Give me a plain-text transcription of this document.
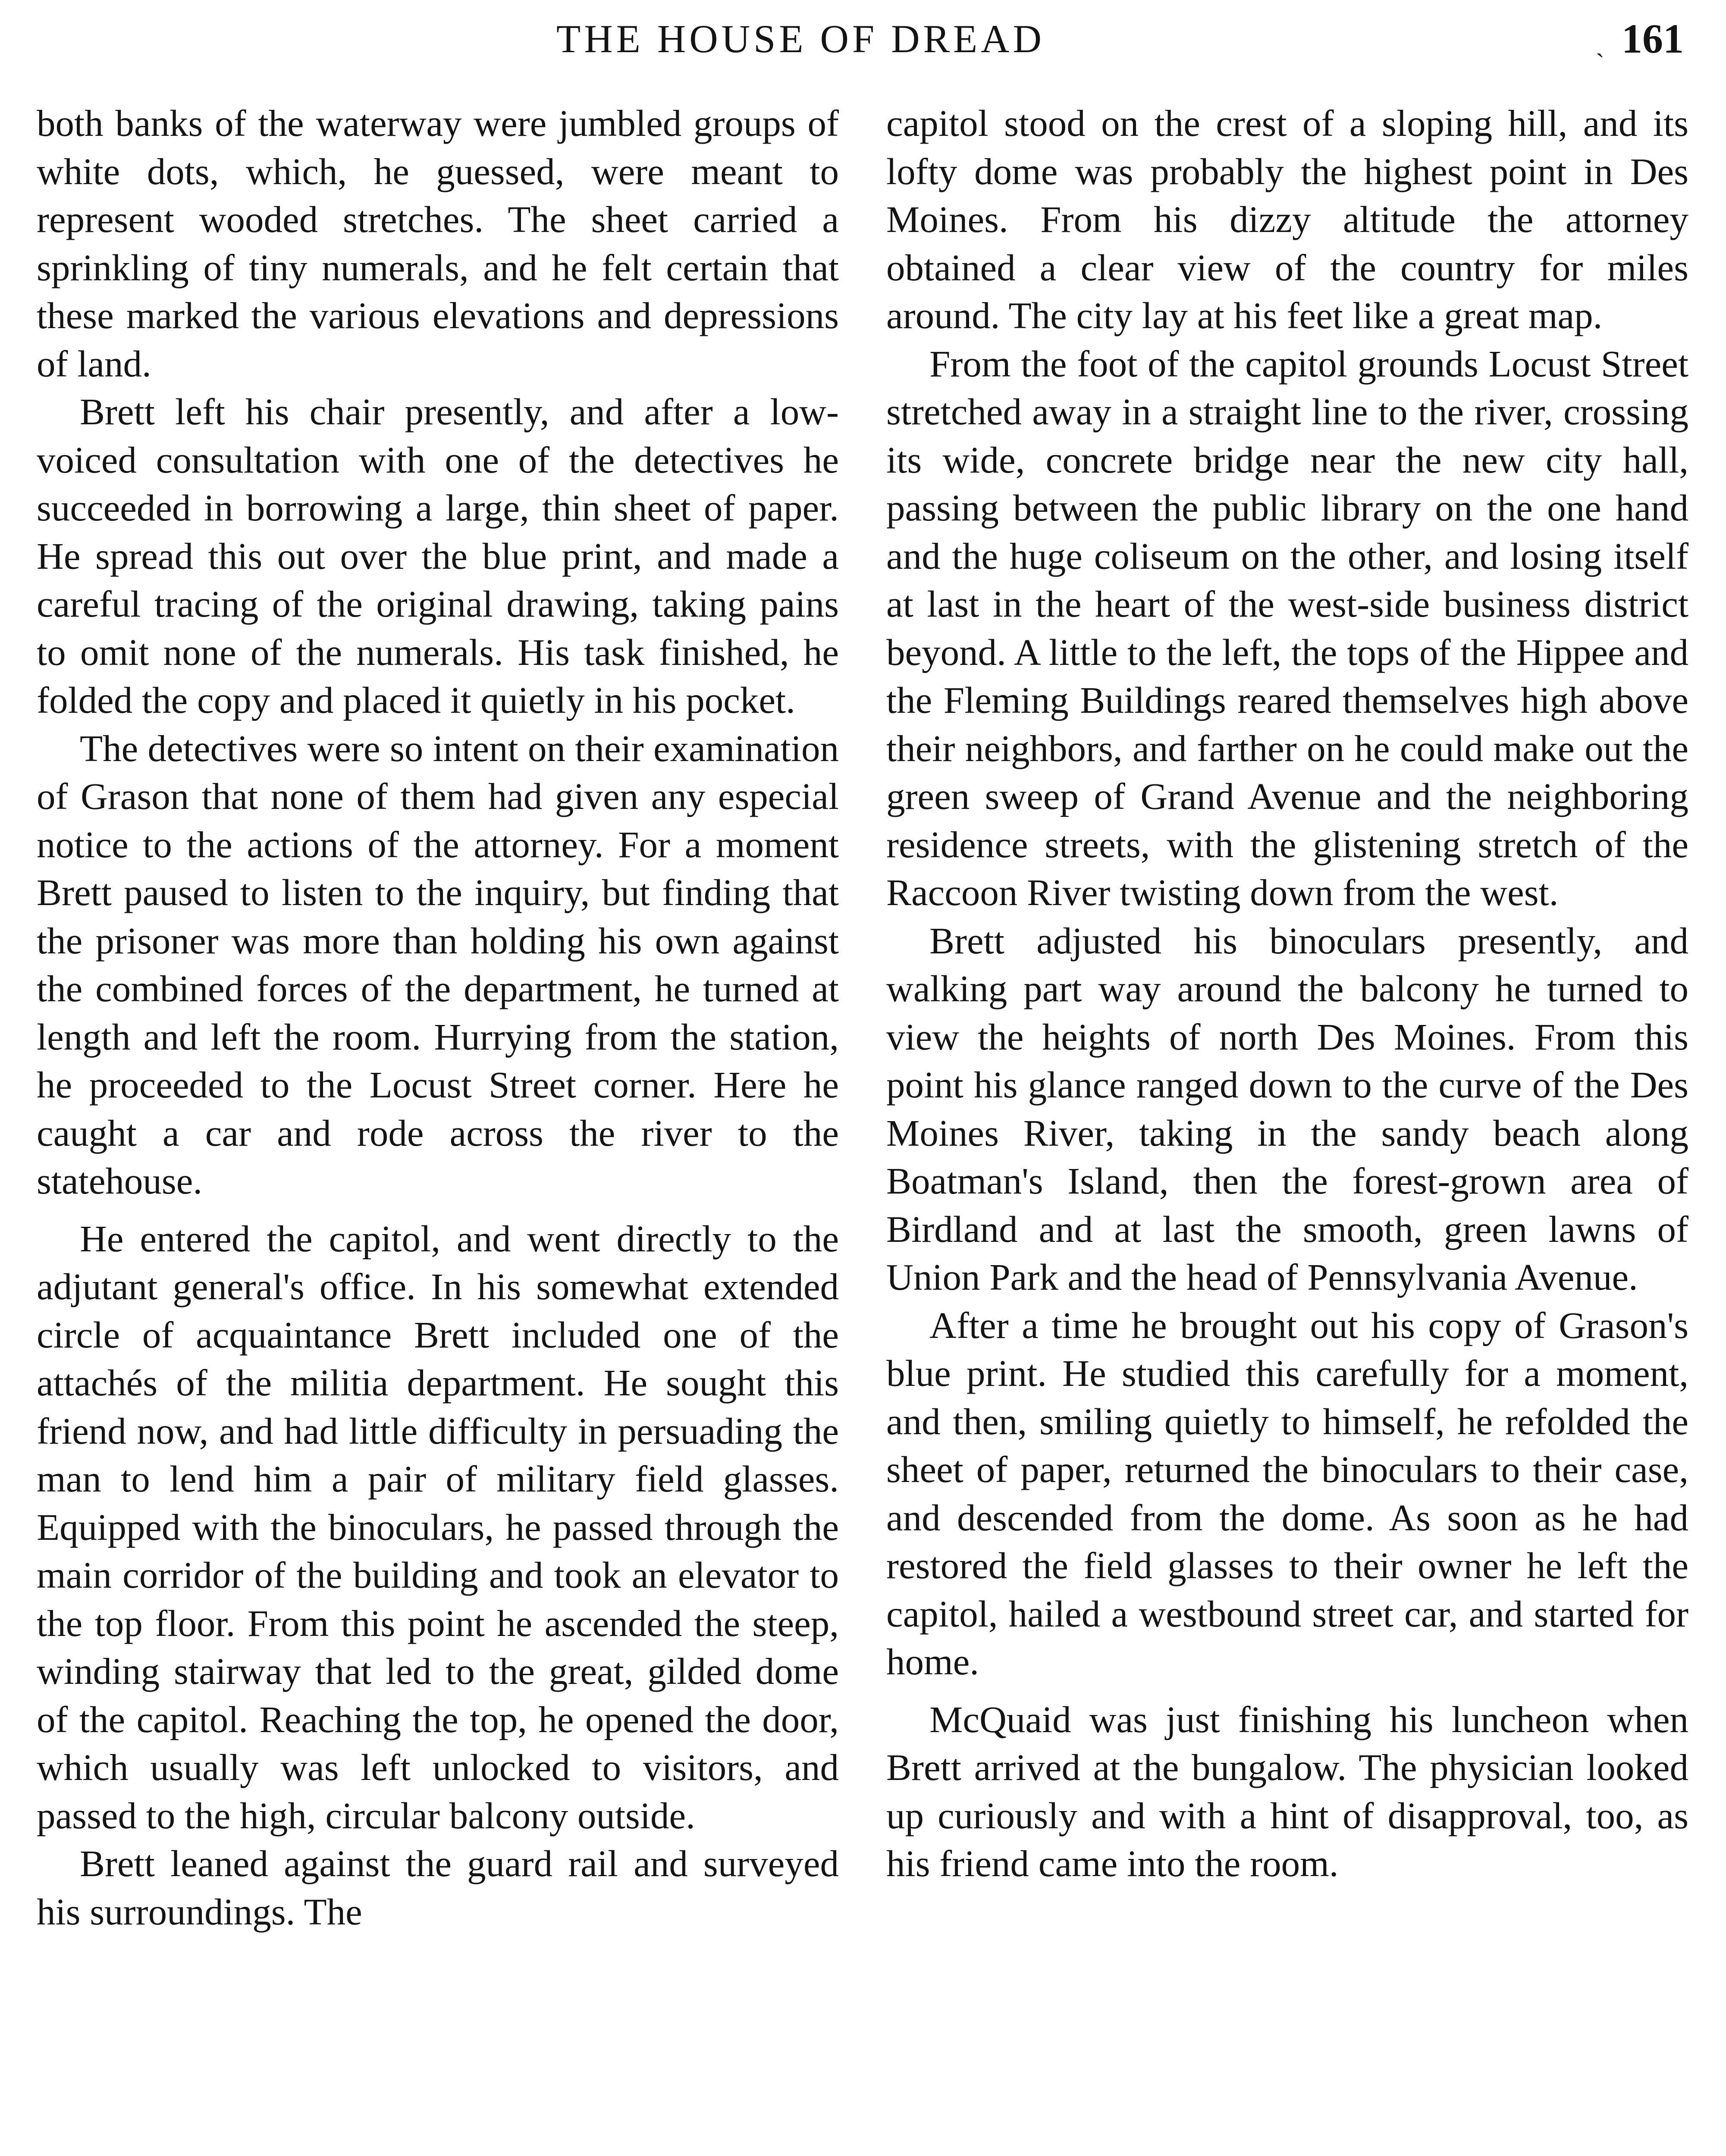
THE HOUSE OF DREAD	ˏ 161

both banks of the waterway were jumbled groups of white dots, which, he guessed, were meant to represent wooded stretches. The sheet carried a sprinkling of tiny numerals, and he felt certain that these marked the various elevations and depressions of land.

Brett left his chair presently, and after a low-voiced consultation with one of the detectives he succeeded in borrowing a large, thin sheet of paper. He spread this out over the blue print, and made a careful tracing of the original drawing, taking pains to omit none of the numerals. His task finished, he folded the copy and placed it quietly in his pocket.

The detectives were so intent on their examination of Grason that none of them had given any especial notice to the actions of the attorney. For a moment Brett paused to listen to the inquiry, but finding that the prisoner was more than holding his own against the combined forces of the department, he turned at length and left the room. Hurrying from the station, he proceeded to the Locust Street corner. Here he caught a car and rode across the river to the statehouse.

He entered the capitol, and went directly to the adjutant general's office. In his somewhat extended circle of acquaintance Brett included one of the attachés of the militia department. He sought this friend now, and had little difficulty in persuading the man to lend him a pair of military field glasses. Equipped with the binoculars, he passed through the main corridor of the building and took an elevator to the top floor. From this point he ascended the steep, winding stairway that led to the great, gilded dome of the capitol. Reaching the top, he opened the door, which usually was left unlocked to visitors, and passed to the high, circular balcony outside.

Brett leaned against the guard rail and surveyed his surroundings. The

capitol stood on the crest of a sloping hill, and its lofty dome was probably the highest point in Des Moines. From his dizzy altitude the attorney obtained a clear view of the country for miles around. The city lay at his feet like a great map.

From the foot of the capitol grounds Locust Street stretched away in a straight line to the river, crossing its wide, concrete bridge near the new city hall, passing between the public library on the one hand and the huge coliseum on the other, and losing itself at last in the heart of the west-side business district beyond. A little to the left, the tops of the Hippee and the Fleming Buildings reared themselves high above their neighbors, and farther on he could make out the green sweep of Grand Avenue and the neighboring residence streets, with the glistening stretch of the Raccoon River twisting down from the west.

Brett adjusted his binoculars presently, and walking part way around the balcony he turned to view the heights of north Des Moines. From this point his glance ranged down to the curve of the Des Moines River, taking in the sandy beach along Boatman's Island, then the forest-grown area of Birdland and at last the smooth, green lawns of Union Park and the head of Pennsylvania Avenue.

After a time he brought out his copy of Grason's blue print. He studied this carefully for a moment, and then, smiling quietly to himself, he refolded the sheet of paper, returned the binoculars to their case, and descended from the dome. As soon as he had restored the field glasses to their owner he left the capitol, hailed a westbound street car, and started for home.

McQuaid was just finishing his luncheon when Brett arrived at the bungalow. The physician looked up curiously and with a hint of disapproval, too, as his friend came into the room.
